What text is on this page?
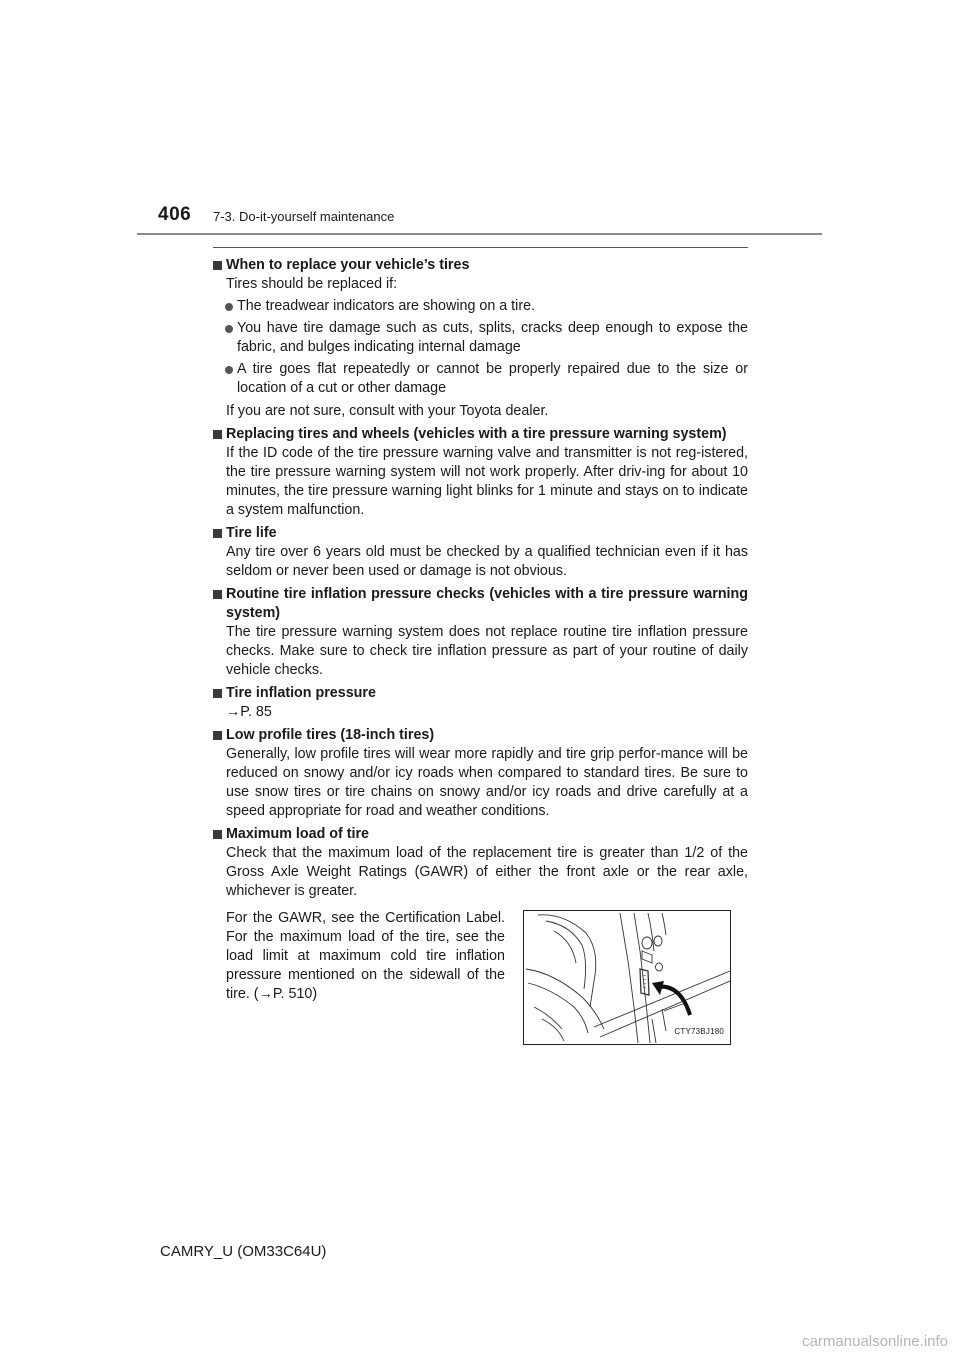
406 7-3. Do-it-yourself maintenance
When to replace your vehicle’s tires
Tires should be replaced if:
The treadwear indicators are showing on a tire.
You have tire damage such as cuts, splits, cracks deep enough to expose the fabric, and bulges indicating internal damage
A tire goes flat repeatedly or cannot be properly repaired due to the size or location of a cut or other damage
If you are not sure, consult with your Toyota dealer.
Replacing tires and wheels (vehicles with a tire pressure warning system)
If the ID code of the tire pressure warning valve and transmitter is not reg-istered, the tire pressure warning system will not work properly. After driv-ing for about 10 minutes, the tire pressure warning light blinks for 1 minute and stays on to indicate a system malfunction.
Tire life
Any tire over 6 years old must be checked by a qualified technician even if it has seldom or never been used or damage is not obvious.
Routine tire inflation pressure checks (vehicles with a tire pressure warning system)
The tire pressure warning system does not replace routine tire inflation pressure checks. Make sure to check tire inflation pressure as part of your routine of daily vehicle checks.
Tire inflation pressure
→P. 85
Low profile tires (18-inch tires)
Generally, low profile tires will wear more rapidly and tire grip perfor-mance will be reduced on snowy and/or icy roads when compared to standard tires. Be sure to use snow tires or tire chains on snowy and/or icy roads and drive carefully at a speed appropriate for road and weather conditions.
Maximum load of tire
Check that the maximum load of the replacement tire is greater than 1/2 of the Gross Axle Weight Ratings (GAWR) of either the front axle or the rear axle, whichever is greater.
For the GAWR, see the Certification Label. For the maximum load of the tire, see the load limit at maximum cold tire inflation pressure mentioned on the sidewall of the tire. (→P. 510)
CTY73BJ180
CAMRY_U (OM33C64U)
carmanualsonline.info
